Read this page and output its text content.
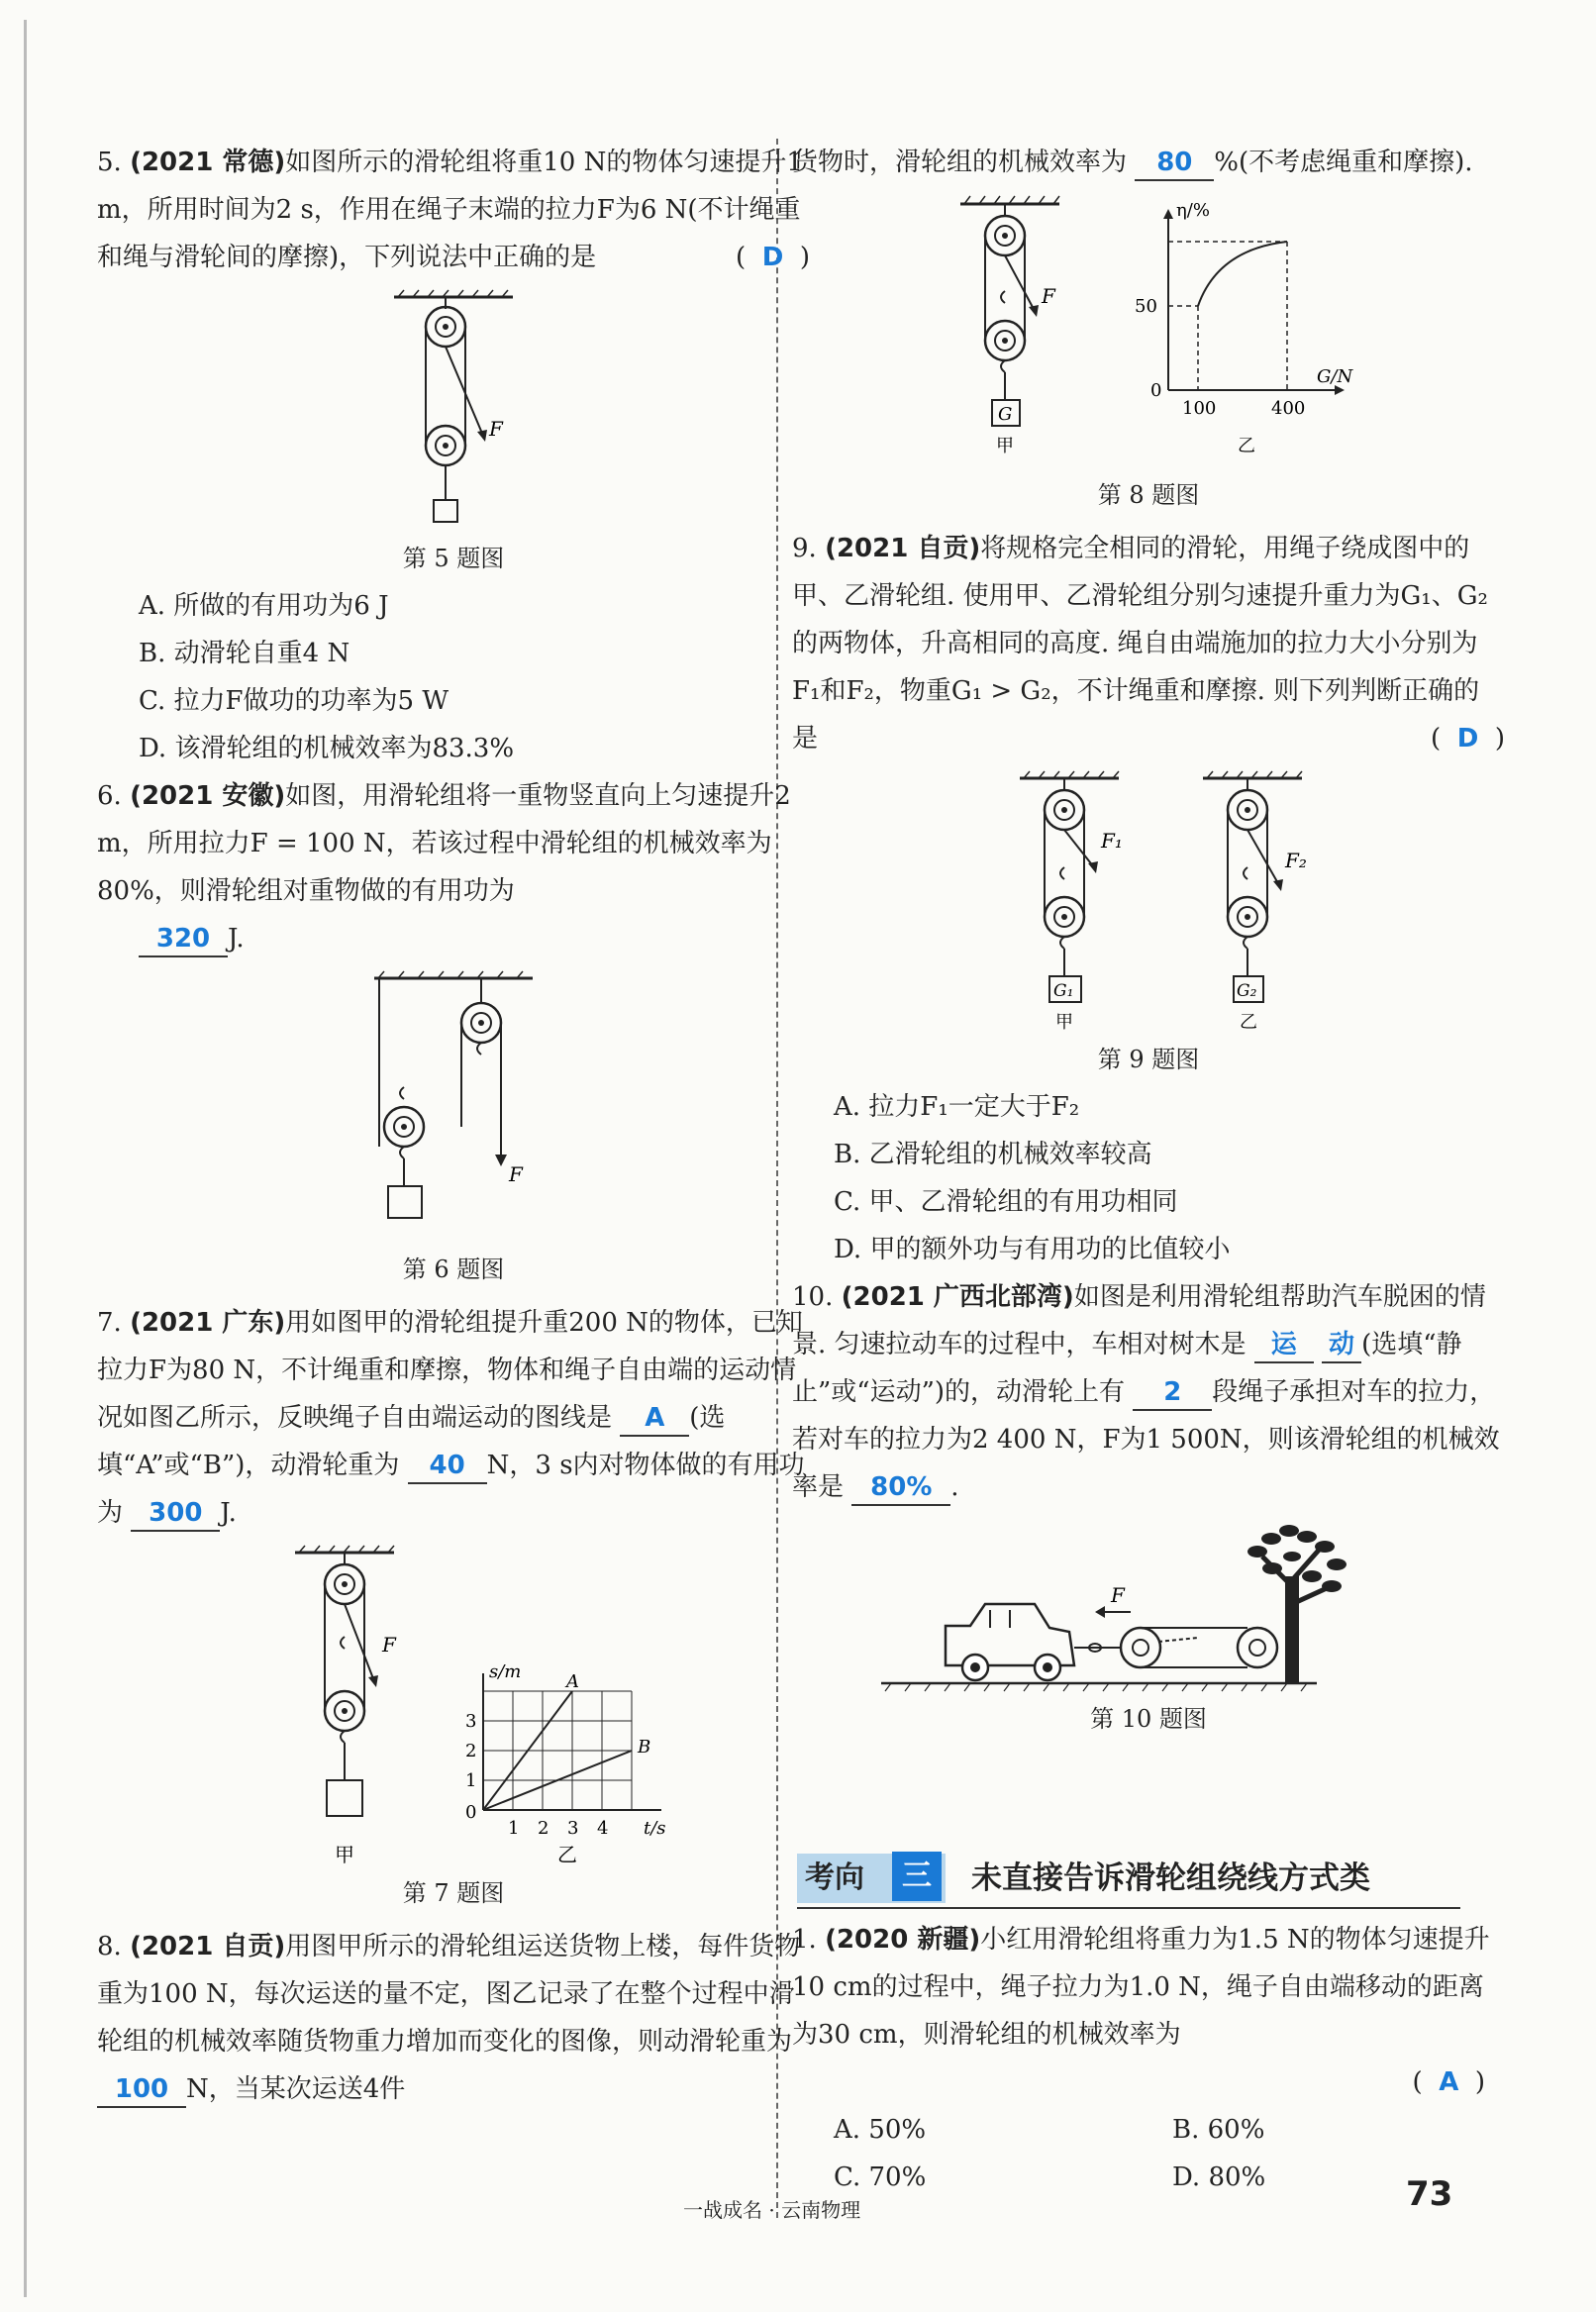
5. (2021 常德)如图所示的滑轮组将重10 N的物体匀速提升1 m，所用时间为2 s，作用在绳子末端的拉力F为6 N(不计绳重和绳与滑轮间的摩擦)，下列说法中正确的是	( D )
F
第 5 题图
A. 所做的有用功为6 J
B. 动滑轮自重4 N
C. 拉力F做功的功率为5 W
D. 该滑轮组的机械效率为83.3%
6. (2021 安徽)如图，用滑轮组将一重物竖直向上匀速提升2 m，所用拉力F = 100 N，若该过程中滑轮组的机械效率为80%，则滑轮组对重物做的有用功为
320 J.
F
第 6 题图
7. (2021 广东)用如图甲的滑轮组提升重200 N的物体，已知拉力F为80 N，不计绳重和摩擦，物体和绳子自由端的运动情况如图乙所示，反映绳子自由端运动的图线是 A (选填“A”或“B”)，动滑轮重为 40 N，3 s内对物体做的有用功为 300 J.
F
甲
s/m
t/s
0
1
2
3
1 2 3 4
A
B
乙
第 7 题图
8. (2021 自贡)用图甲所示的滑轮组运送货物上楼，每件货物重为100 N，每次运送的量不定，图乙记录了在整个过程中滑轮组的机械效率随货物重力增加而变化的图像，则动滑轮重为 100 N，当某次运送4件
货物时，滑轮组的机械效率为 80 %(不考虑绳重和摩擦).
F
G
甲
η/%
G/N
0
50
100	400
乙
第 8 题图
9. (2021 自贡)将规格完全相同的滑轮，用绳子绕成图中的甲、乙滑轮组. 使用甲、乙滑轮组分别匀速提升重力为G₁、G₂的两物体，升高相同的高度. 绳自由端施加的拉力大小分别为F₁和F₂，物重G₁ > G₂，不计绳重和摩擦. 则下列判断正确的是	( D )
F₁
G₁
甲
F₂
G₂
乙
第 9 题图
A. 拉力F₁一定大于F₂
B. 乙滑轮组的机械效率较高
C. 甲、乙滑轮组的有用功相同
D. 甲的额外功与有用功的比值较小
10. (2021 广西北部湾)如图是利用滑轮组帮助汽车脱困的情景. 匀速拉动车的过程中，车相对树木是 运 动 (选填“静止”或“运动”)的，动滑轮上有 2 段绳子承担对车的拉力，若对车的拉力为2 400 N，F为1 500N，则该滑轮组的机械效率是 80% .
F
第 10 题图
考向	三	未直接告诉滑轮组绕线方式类
1. (2020 新疆)小红用滑轮组将重力为1.5 N的物体匀速提升10 cm的过程中，绳子拉力为1.0 N，绳子自由端移动的距离为30 cm，则滑轮组的机械效率为
( A )
A. 50%	B. 60%
C. 70%	D. 80%
一战成名 · 云南物理	73
